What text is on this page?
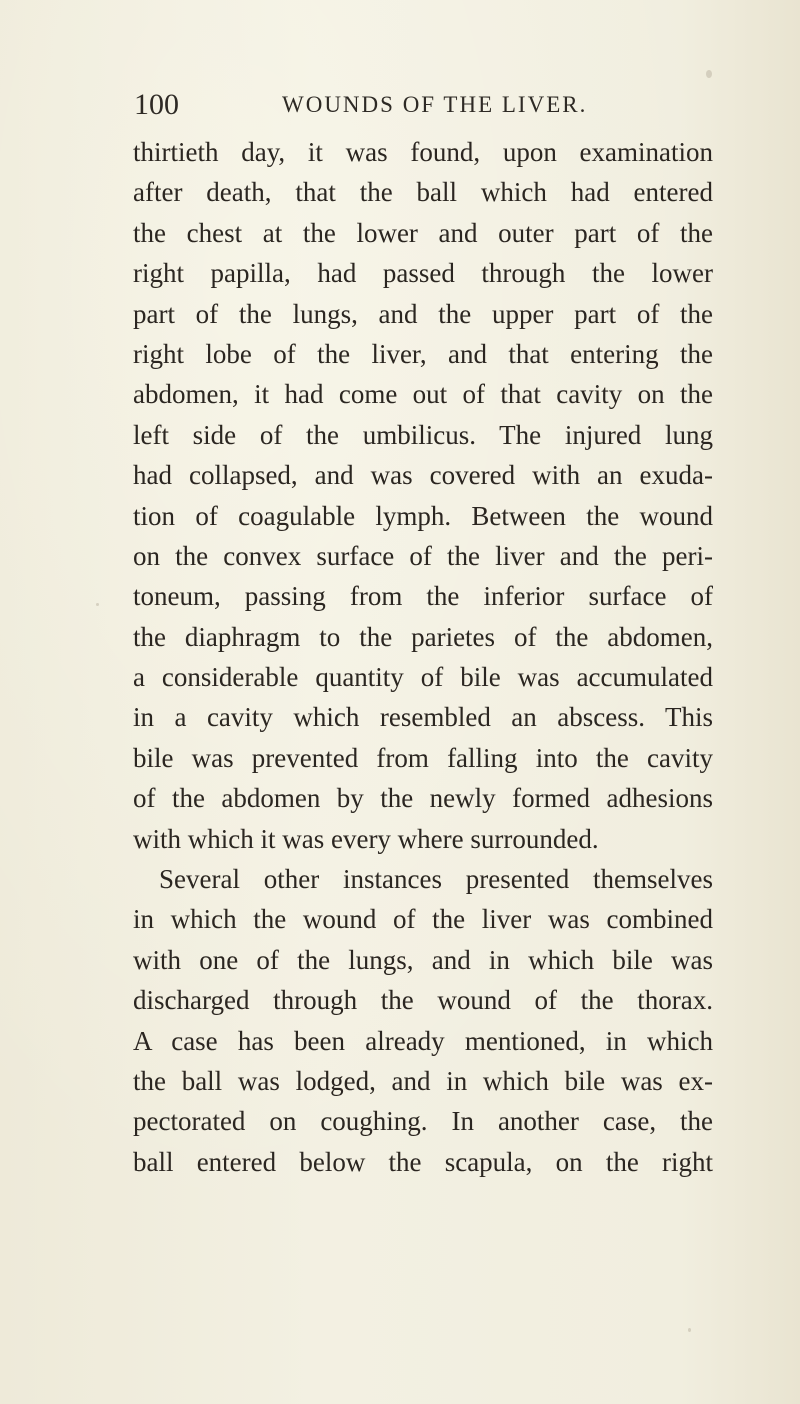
100	WOUNDS OF THE LIVER.
thirtieth day, it was found, upon examination
after death, that the ball which had entered
the chest at the lower and outer part of the
right papilla, had passed through the lower
part of the lungs, and the upper part of the
right lobe of the liver, and that entering the
abdomen, it had come out of that cavity on the
left side of the umbilicus. The injured lung
had collapsed, and was covered with an exuda-
tion of coagulable lymph. Between the wound
on the convex surface of the liver and the peri-
toneum, passing from the inferior surface of
the diaphragm to the parietes of the abdomen,
a considerable quantity of bile was accumulated
in a cavity which resembled an abscess. This
bile was prevented from falling into the cavity
of the abdomen by the newly formed adhesions
with which it was every where surrounded.
Several other instances presented themselves
in which the wound of the liver was combined
with one of the lungs, and in which bile was
discharged through the wound of the thorax.
A case has been already mentioned, in which
the ball was lodged, and in which bile was ex-
pectorated on coughing. In another case, the
ball entered below the scapula, on the right
